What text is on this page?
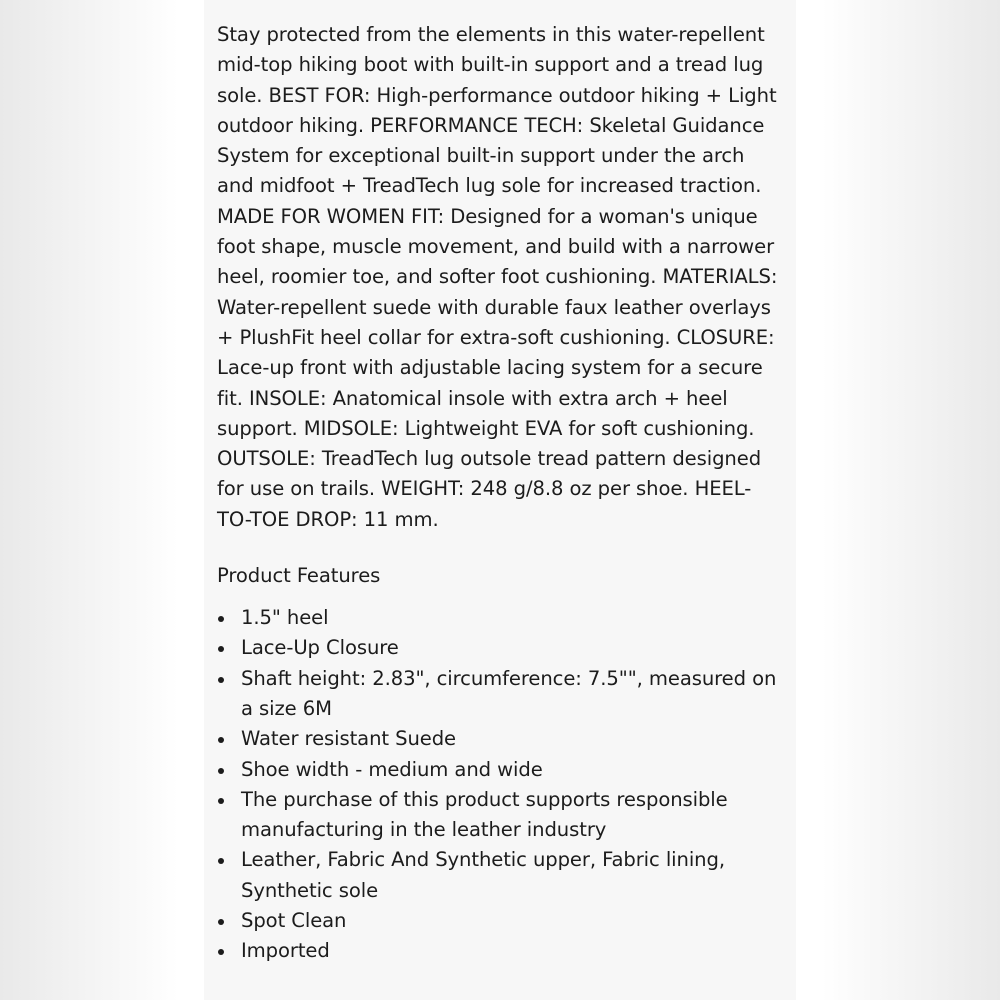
Stay protected from the elements in this water-repellent mid-top hiking boot with built-in support and a tread lug sole. BEST FOR: High-performance outdoor hiking + Light outdoor hiking. PERFORMANCE TECH: Skeletal Guidance System for exceptional built-in support under the arch and midfoot + TreadTech lug sole for increased traction. MADE FOR WOMEN FIT: Designed for a woman's unique foot shape, muscle movement, and build with a narrower heel, roomier toe, and softer foot cushioning. MATERIALS: Water-repellent suede with durable faux leather overlays + PlushFit heel collar for extra-soft cushioning. CLOSURE: Lace-up front with adjustable lacing system for a secure fit. INSOLE: Anatomical insole with extra arch + heel support. MIDSOLE: Lightweight EVA for soft cushioning. OUTSOLE: TreadTech lug outsole tread pattern designed for use on trails. WEIGHT: 248 g/8.8 oz per shoe. HEEL-TO-TOE DROP: 11 mm.

Product Features
1.5" heel
Lace-Up Closure
Shaft height: 2.83", circumference: 7.5"", measured on a size 6M
Water resistant Suede
Shoe width - medium and wide
The purchase of this product supports responsible manufacturing in the leather industry
Leather, Fabric And Synthetic upper, Fabric lining, Synthetic sole
Spot Clean
Imported
